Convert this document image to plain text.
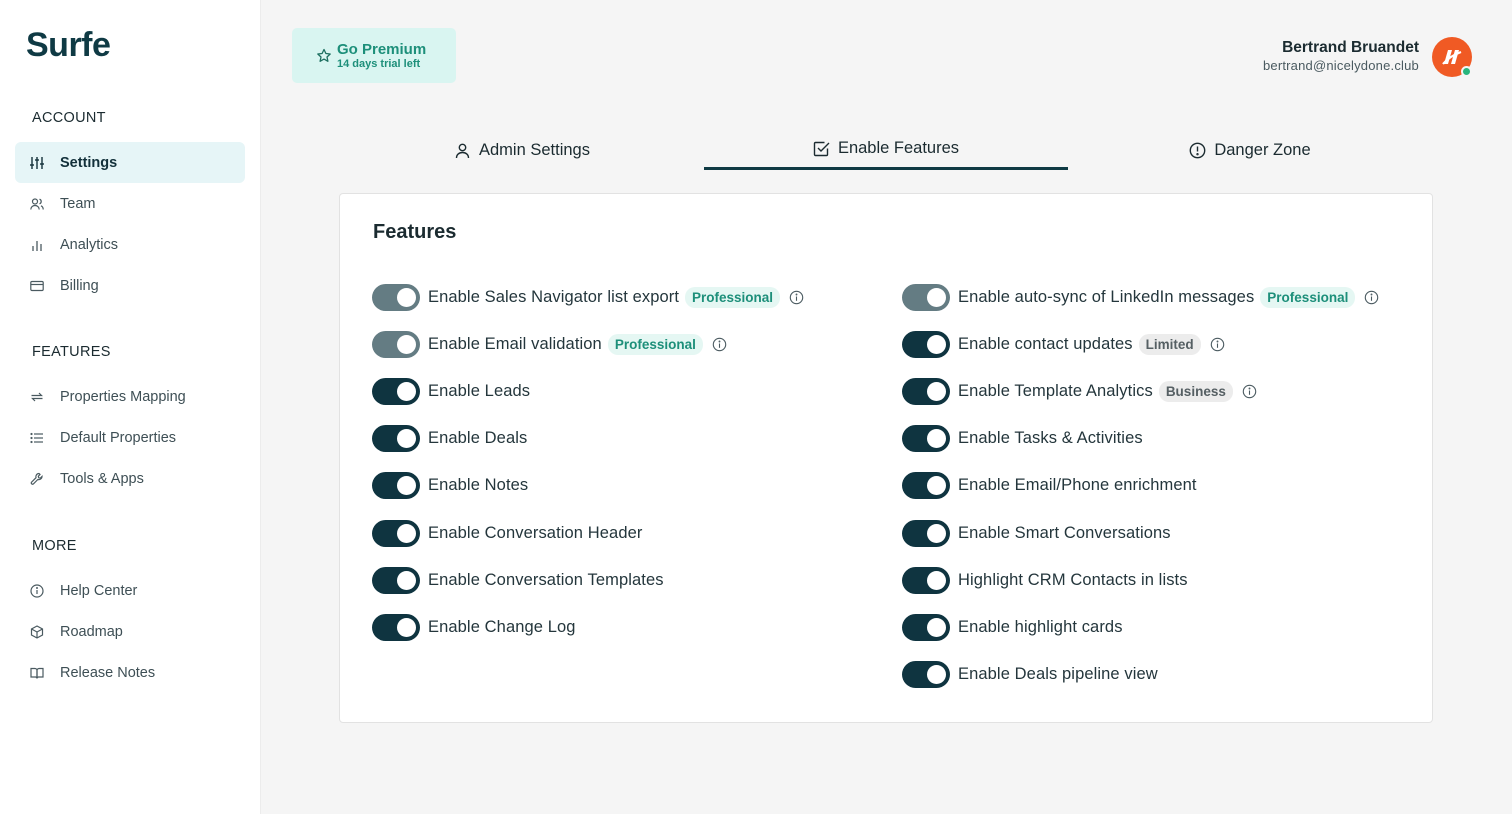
Surfe
ACCOUNT
Settings
Team
Analytics
Billing
FEATURES
Properties Mapping
Default Properties
Tools & Apps
MORE
Help Center
Roadmap
Release Notes
Go Premium
14 days trial left
Bertrand Bruandet
bertrand@nicelydone.club
Admin Settings	Enable Features	Danger Zone
Features
Enable Sales Navigator list export Professional
Enable Email validation Professional
Enable Leads
Enable Deals
Enable Notes
Enable Conversation Header
Enable Conversation Templates
Enable Change Log
Enable auto-sync of LinkedIn messages Professional
Enable contact updates Limited
Enable Template Analytics Business
Enable Tasks & Activities
Enable Email/Phone enrichment
Enable Smart Conversations
Highlight CRM Contacts in lists
Enable highlight cards
Enable Deals pipeline view
